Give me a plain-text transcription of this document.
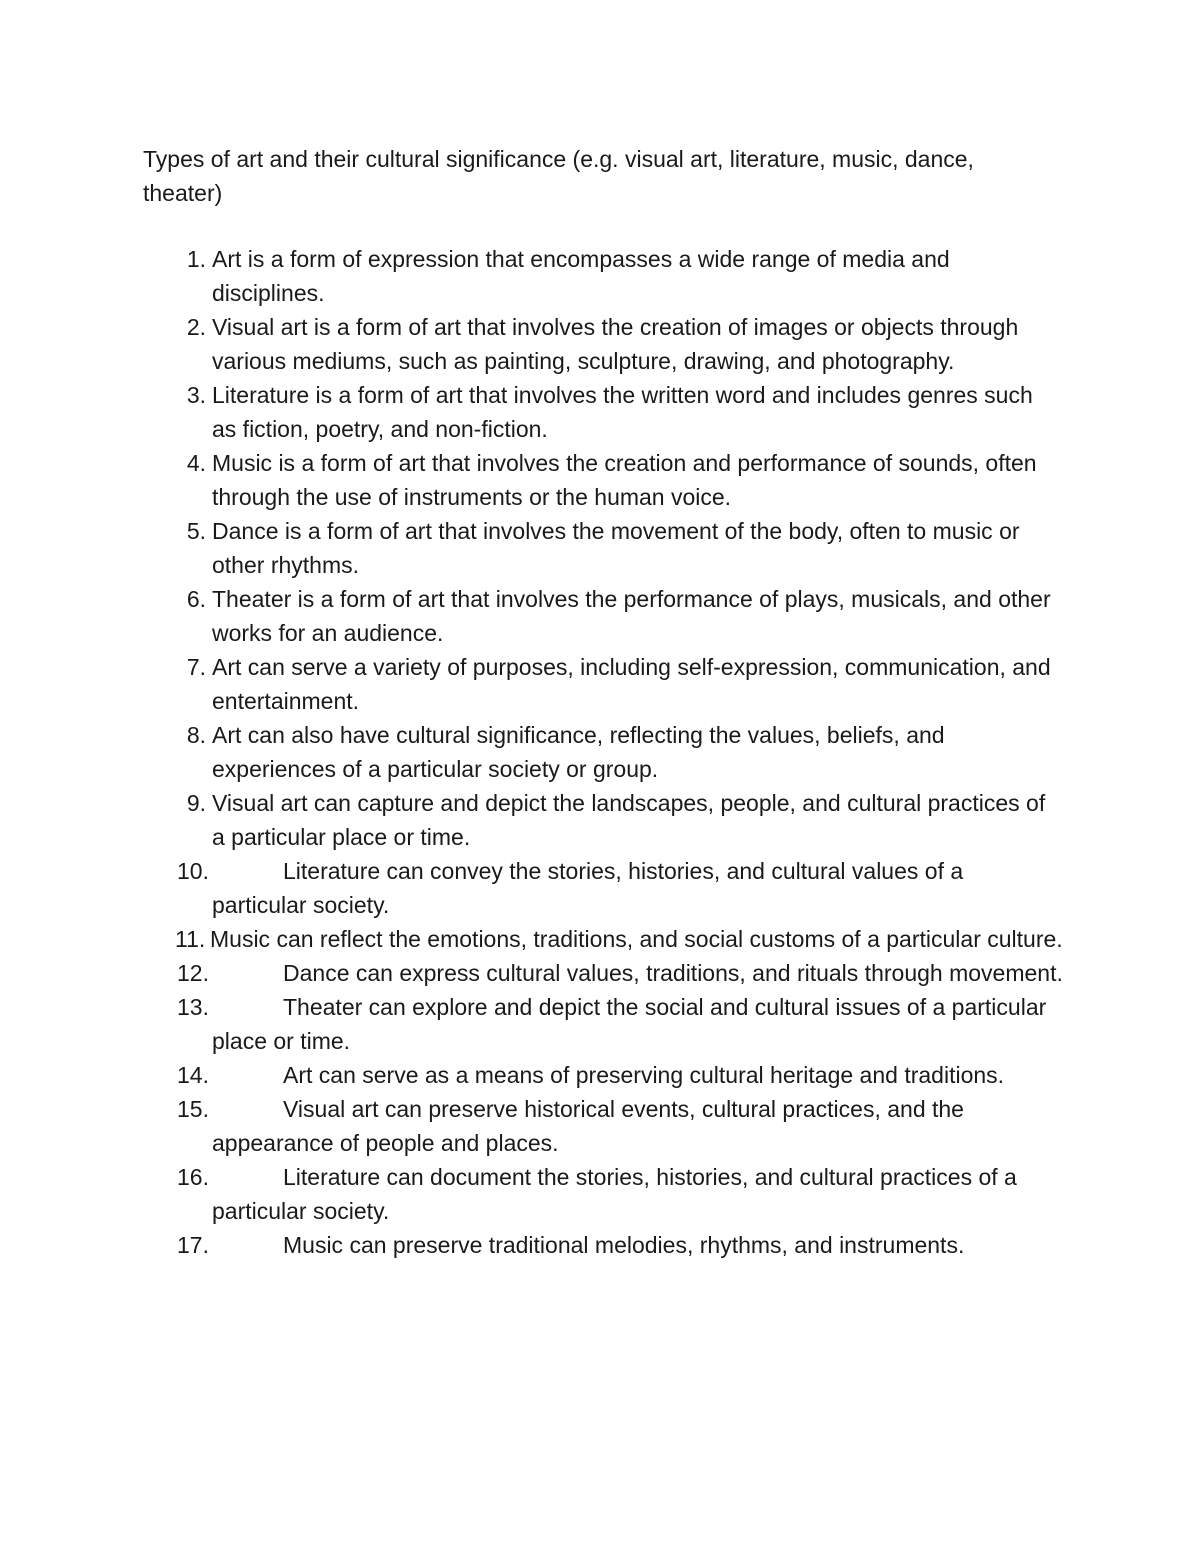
Types of art and their cultural significance (e.g. visual art, literature, music, dance, theater)

1. Art is a form of expression that encompasses a wide range of media and disciplines.
2. Visual art is a form of art that involves the creation of images or objects through various mediums, such as painting, sculpture, drawing, and photography.
3. Literature is a form of art that involves the written word and includes genres such as fiction, poetry, and non-fiction.
4. Music is a form of art that involves the creation and performance of sounds, often through the use of instruments or the human voice.
5. Dance is a form of art that involves the movement of the body, often to music or other rhythms.
6. Theater is a form of art that involves the performance of plays, musicals, and other works for an audience.
7. Art can serve a variety of purposes, including self-expression, communication, and entertainment.
8. Art can also have cultural significance, reflecting the values, beliefs, and experiences of a particular society or group.
9. Visual art can capture and depict the landscapes, people, and cultural practices of a particular place or time.
10.	Literature can convey the stories, histories, and cultural values of a particular society.
11. Music can reflect the emotions, traditions, and social customs of a particular culture.
12.	Dance can express cultural values, traditions, and rituals through movement.
13.	Theater can explore and depict the social and cultural issues of a particular place or time.
14.	Art can serve as a means of preserving cultural heritage and traditions.
15.	Visual art can preserve historical events, cultural practices, and the appearance of people and places.
16.	Literature can document the stories, histories, and cultural practices of a particular society.
17.	Music can preserve traditional melodies, rhythms, and instruments.
